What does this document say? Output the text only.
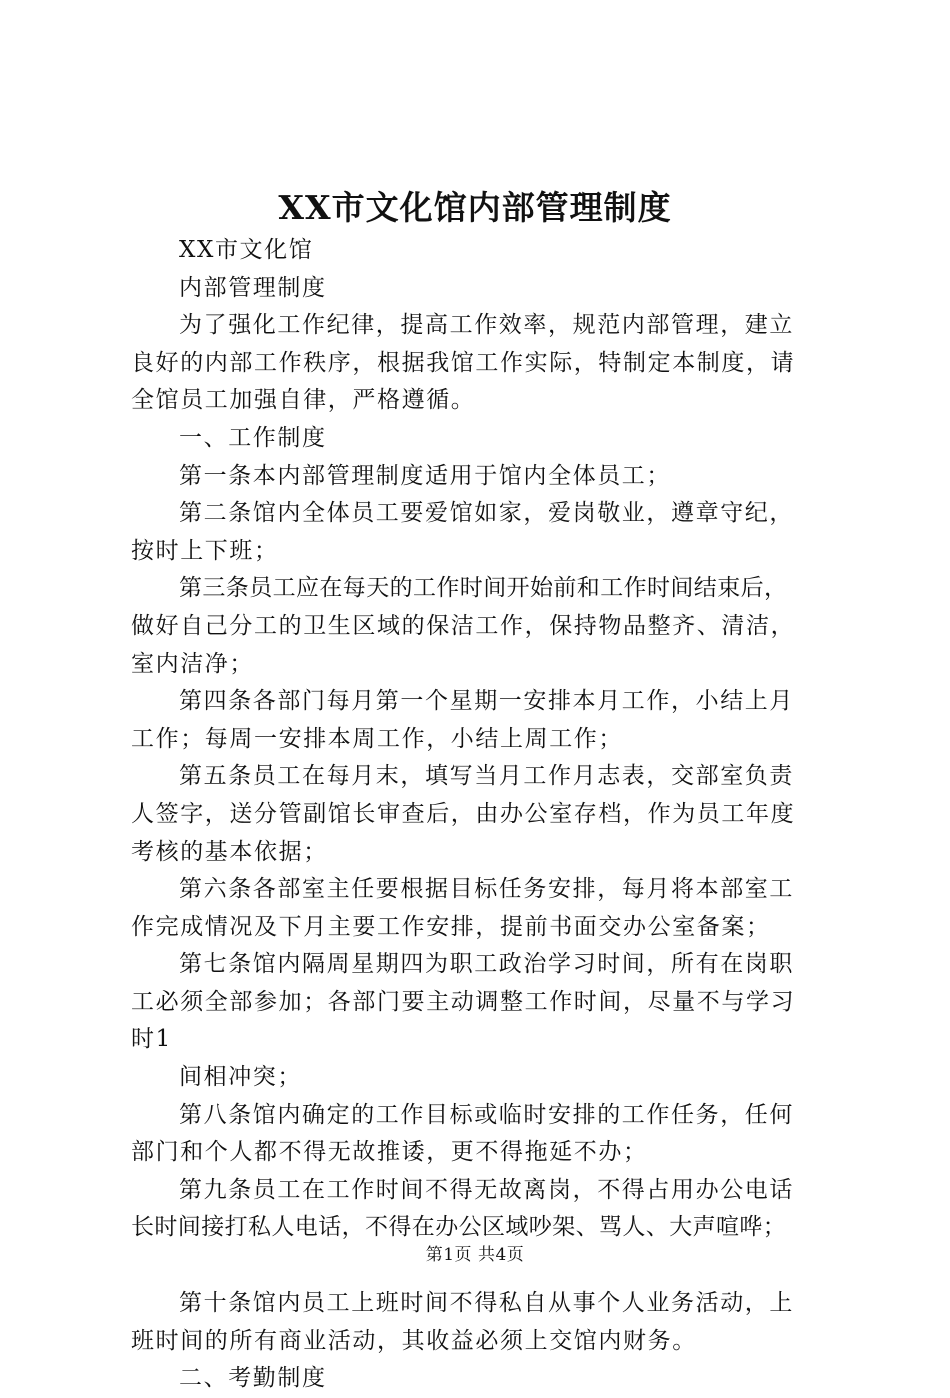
XX市文化馆内部管理制度
XX市文化馆
内部管理制度
为了强化工作纪律，提高工作效率，规范内部管理，建立
良好的内部工作秩序，根据我馆工作实际，特制定本制度，请
全馆员工加强自律，严格遵循。
一、工作制度
第一条本内部管理制度适用于馆内全体员工；
第二条馆内全体员工要爱馆如家，爱岗敬业，遵章守纪，
按时上下班；
第三条员工应在每天的工作时间开始前和工作时间结束后，
做好自己分工的卫生区域的保洁工作，保持物品整齐、清洁，
室内洁净；
第四条各部门每月第一个星期一安排本月工作，小结上月
工作；每周一安排本周工作，小结上周工作；
第五条员工在每月末，填写当月工作月志表，交部室负责
人签字，送分管副馆长审查后，由办公室存档，作为员工年度
考核的基本依据；
第六条各部室主任要根据目标任务安排，每月将本部室工
作完成情况及下月主要工作安排，提前书面交办公室备案；
第七条馆内隔周星期四为职工政治学习时间，所有在岗职
工必须全部参加；各部门要主动调整工作时间，尽量不与学习
时1
间相冲突；
第八条馆内确定的工作目标或临时安排的工作任务，任何
部门和个人都不得无故推诿，更不得拖延不办；
第九条员工在工作时间不得无故离岗，不得占用办公电话
长时间接打私人电话，不得在办公区域吵架、骂人、大声喧哗；
第十条馆内员工上班时间不得私自从事个人业务活动，上
班时间的所有商业活动，其收益必须上交馆内财务。
二、考勤制度
第1页 共4页
